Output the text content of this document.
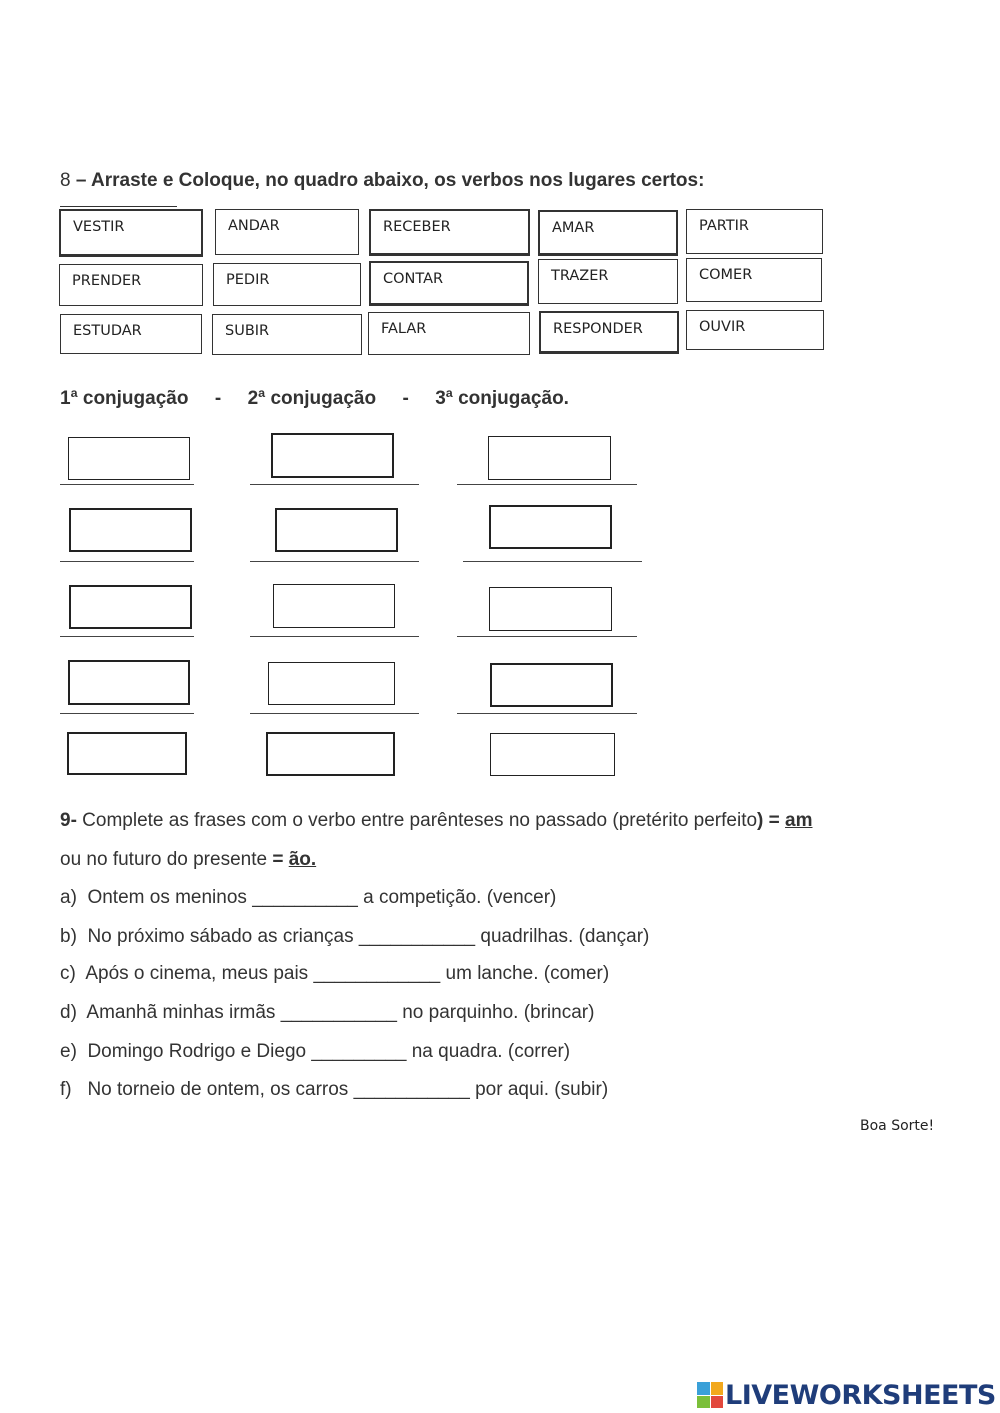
8 – Arraste e Coloque, no quadro abaixo, os verbos nos lugares certos:
VESTIR	ANDAR	RECEBER	AMAR	PARTIR
PRENDER	PEDIR	CONTAR	TRAZER	COMER
ESTUDAR	SUBIR	FALAR	RESPONDER	OUVIR
1ª conjugação - 2ª conjugação - 3ª conjugação.
9- Complete as frases com o verbo entre parênteses no passado (pretérito perfeito) = am
ou no futuro do presente = ão.
a)  Ontem os meninos __________ a competição. (vencer)
b)  No próximo sábado as crianças ___________ quadrilhas. (dançar)
c)  Após o cinema, meus pais ____________ um lanche. (comer)
d)  Amanhã minhas irmãs ___________ no parquinho. (brincar)
e)  Domingo Rodrigo e Diego _________ na quadra. (correr)
f)   No torneio de ontem, os carros ___________ por aqui. (subir)
Boa Sorte!
LIVEWORKSHEETS
